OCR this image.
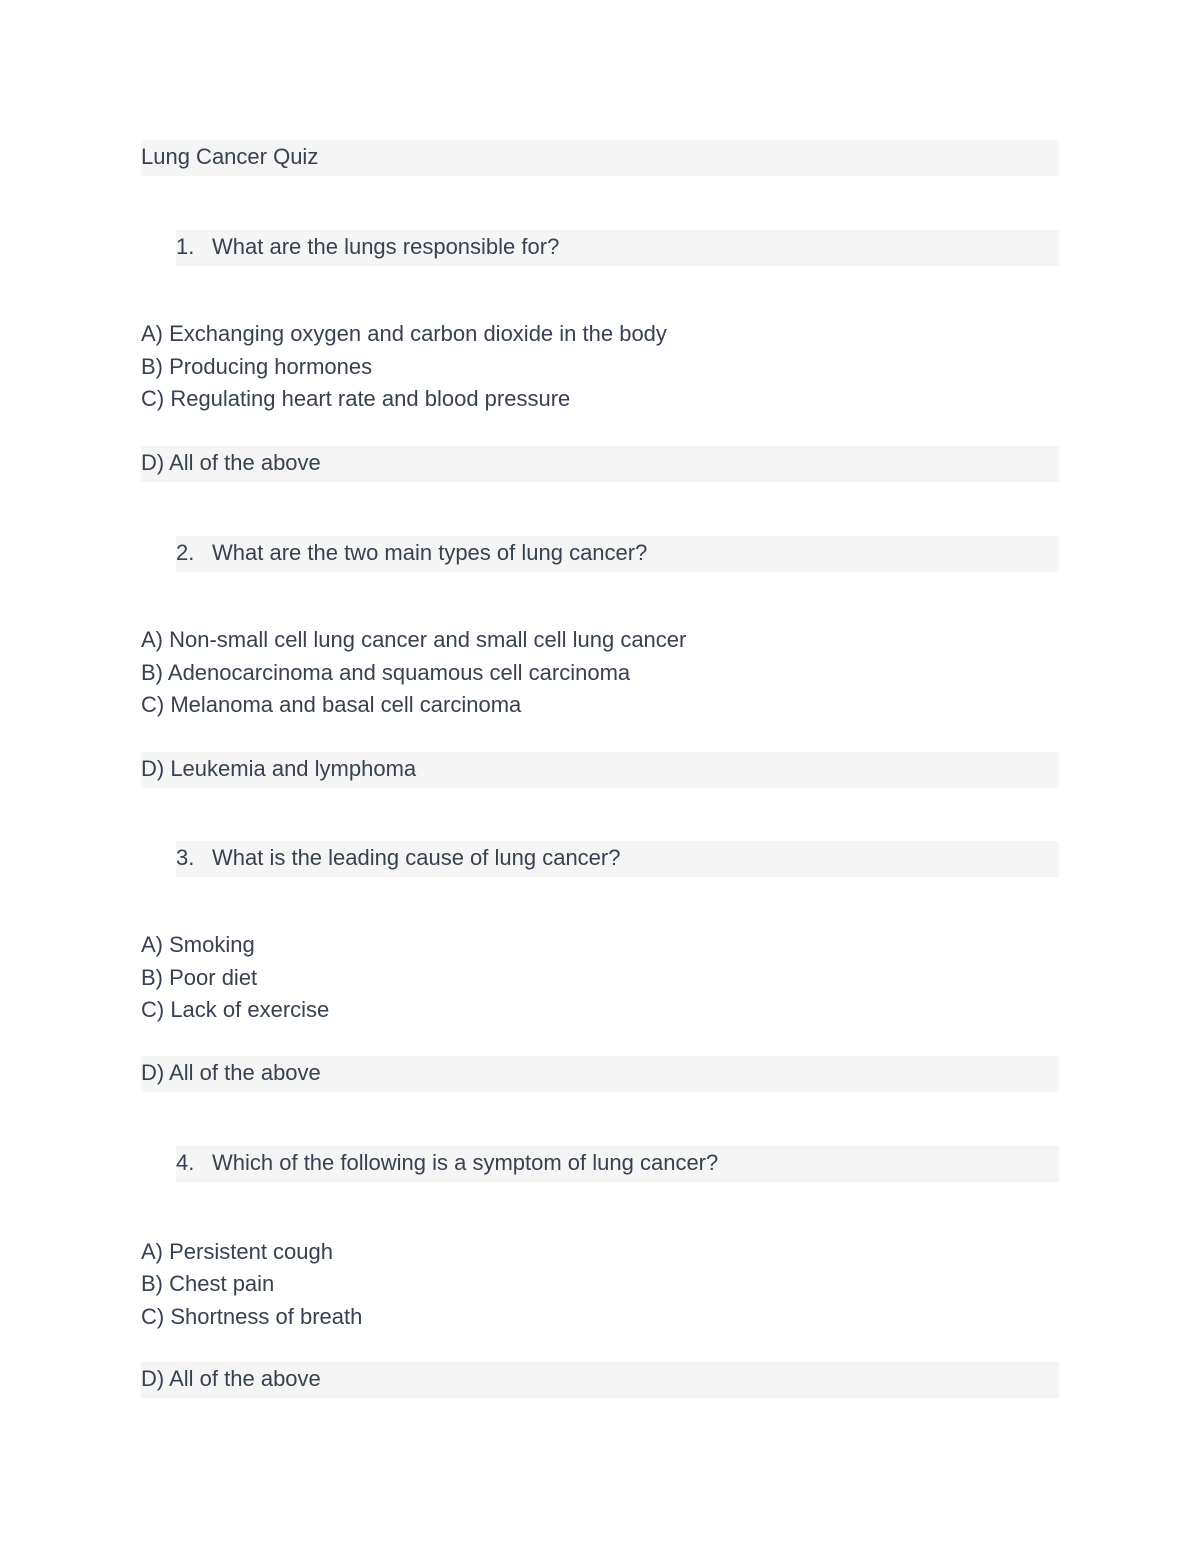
Lung Cancer Quiz
1. What are the lungs responsible for?
A) Exchanging oxygen and carbon dioxide in the body
B) Producing hormones
C) Regulating heart rate and blood pressure
D) All of the above
2. What are the two main types of lung cancer?
A) Non-small cell lung cancer and small cell lung cancer
B) Adenocarcinoma and squamous cell carcinoma
C) Melanoma and basal cell carcinoma
D) Leukemia and lymphoma
3. What is the leading cause of lung cancer?
A) Smoking
B) Poor diet
C) Lack of exercise
D) All of the above
4. Which of the following is a symptom of lung cancer?
A) Persistent cough
B) Chest pain
C) Shortness of breath
D) All of the above
